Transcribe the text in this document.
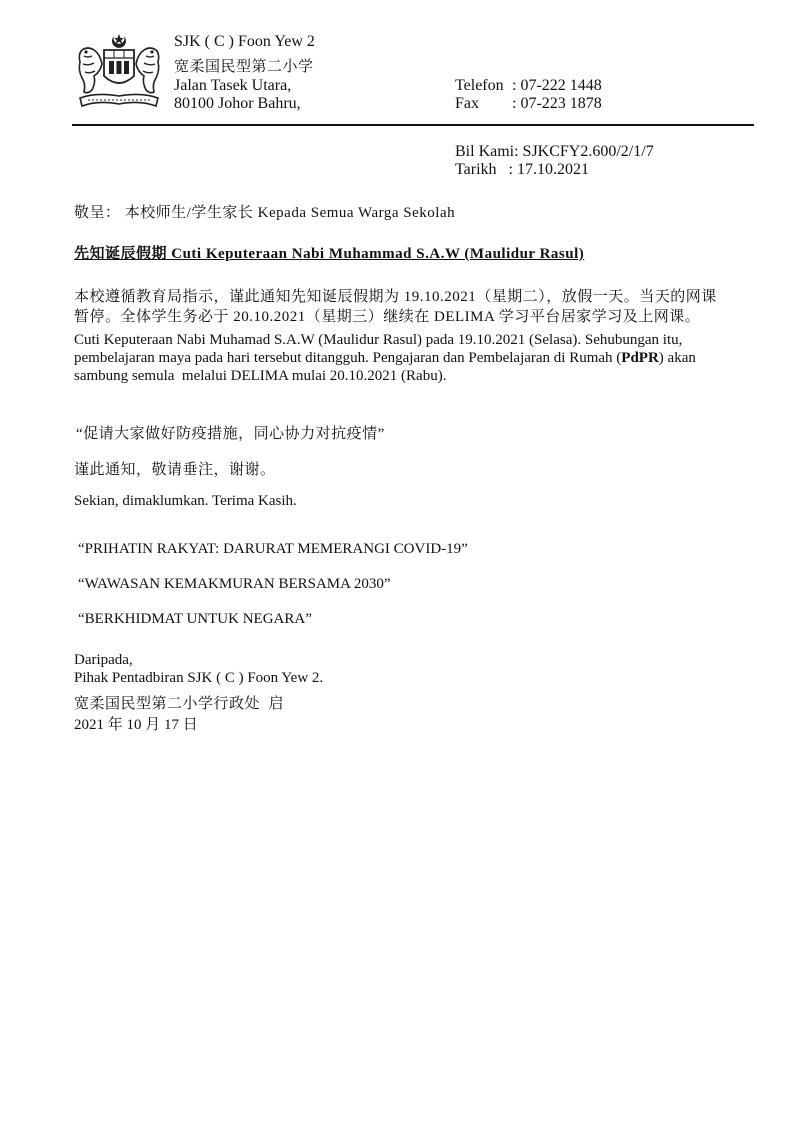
SJK ( C ) Foon Yew 2
宽柔国民型第二小学
Jalan Tasek Utara,
80100 Johor Bahru,
Telefon : 07-222 1448
Fax : 07-223 1878
Bil Kami: SJKCFY2.600/2/1/7
Tarikh   : 17.10.2021
敬呈： 本校师生/学生家长 Kepada Semua Warga Sekolah
先知诞辰假期 Cuti Keputeraan Nabi Muhammad S.A.W (Maulidur Rasul)

本校遵循教育局指示，谨此通知先知诞辰假期为 19.10.2021（星期二），放假一天。当天的网课

暂停。全体学生务必于 20.10.2021（星期三）继续在 DELIMA 学习平台居家学习及上网课。

Cuti Keputeraan Nabi Muhamad S.A.W (Maulidur Rasul) pada 19.10.2021 (Selasa). Sehubungan itu,

pembelajaran maya pada hari tersebut ditangguh. Pengajaran dan Pembelajaran di Rumah (PdPR) akan

sambung semula  melalui DELIMA mulai 20.10.2021 (Rabu).

“促请大家做好防疫措施，同心协力对抗疫情”
谨此通知，敬请垂注，谢谢。
Sekian, dimaklumkan. Terima Kasih.
“PRIHATIN RAKYAT: DARURAT MEMERANGI COVID-19”
“WAWASAN KEMAKMURAN BERSAMA 2030”
“BERKHIDMAT UNTUK NEGARA”
Daripada,
Pihak Pentadbiran SJK ( C ) Foon Yew 2.
宽柔国民型第二小学行政处  启
2021 年 10 月 17 日
